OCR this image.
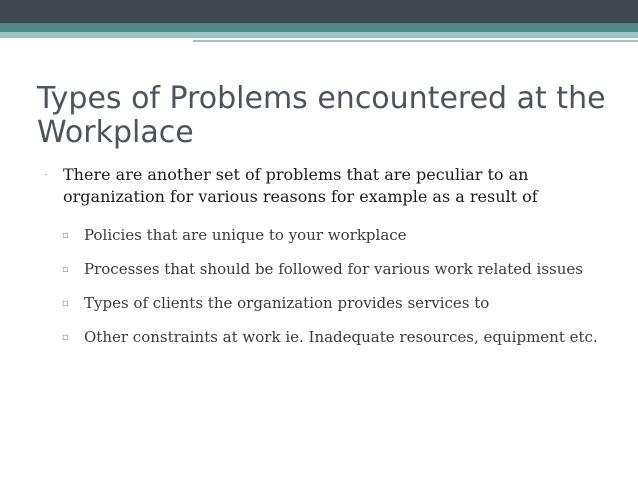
Types of Problems encountered at the Workplace
· There are another set of problems that are peculiar to an organization for various reasons for example as a result of
▫ Policies that are unique to your workplace
▫ Processes that should be followed for various work related issues
▫ Types of clients the organization provides services to
▫ Other constraints at work ie. Inadequate resources, equipment etc.
